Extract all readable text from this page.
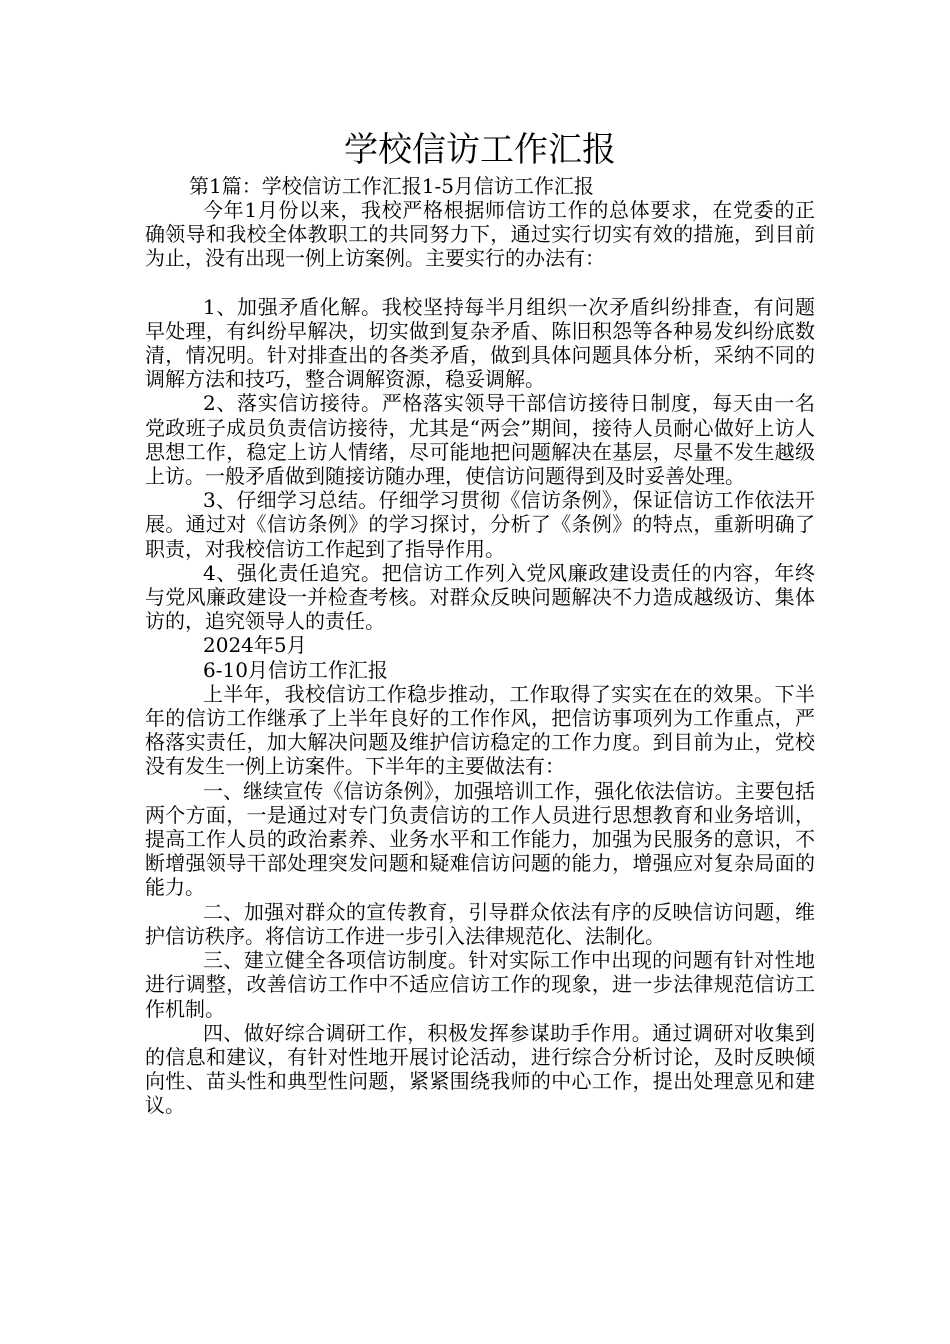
学校信访工作汇报

第1篇：学校信访工作汇报1-5月信访工作汇报

今年1月份以来，我校严格根据师信访工作的总体要求，在党委的正确领导和我校全体教职工的共同努力下，通过实行切实有效的措施，到目前为止，没有出现一例上访案例。主要实行的办法有：

1、加强矛盾化解。我校坚持每半月组织一次矛盾纠纷排查，有问题早处理，有纠纷早解决，切实做到复杂矛盾、陈旧积怨等各种易发纠纷底数清，情况明。针对排查出的各类矛盾，做到具体问题具体分析，采纳不同的调解方法和技巧，整合调解资源，稳妥调解。

2、落实信访接待。严格落实领导干部信访接待日制度，每天由一名党政班子成员负责信访接待，尤其是“两会”期间，接待人员耐心做好上访人思想工作，稳定上访人情绪，尽可能地把问题解决在基层，尽量不发生越级上访。一般矛盾做到随接访随办理，使信访问题得到及时妥善处理。

3、仔细学习总结。仔细学习贯彻《信访条例》，保证信访工作依法开展。通过对《信访条例》的学习探讨，分析了《条例》的特点，重新明确了职责，对我校信访工作起到了指导作用。

4、强化责任追究。把信访工作列入党风廉政建设责任的内容，年终与党风廉政建设一并检查考核。对群众反映问题解决不力造成越级访、集体访的，追究领导人的责任。

2024年5月

6-10月信访工作汇报

上半年，我校信访工作稳步推动，工作取得了实实在在的效果。下半年的信访工作继承了上半年良好的工作作风，把信访事项列为工作重点，严格落实责任，加大解决问题及维护信访稳定的工作力度。到目前为止，党校没有发生一例上访案件。下半年的主要做法有：

一、继续宣传《信访条例》，加强培训工作，强化依法信访。主要包括两个方面，一是通过对专门负责信访的工作人员进行思想教育和业务培训，提高工作人员的政治素养、业务水平和工作能力，加强为民服务的意识，不断增强领导干部处理突发问题和疑难信访问题的能力，增强应对复杂局面的能力。

二、加强对群众的宣传教育，引导群众依法有序的反映信访问题，维护信访秩序。将信访工作进一步引入法律规范化、法制化。

三、建立健全各项信访制度。针对实际工作中出现的问题有针对性地进行调整，改善信访工作中不适应信访工作的现象，进一步法律规范信访工作机制。

四、做好综合调研工作，积极发挥参谋助手作用。通过调研对收集到的信息和建议，有针对性地开展讨论活动，进行综合分析讨论，及时反映倾向性、苗头性和典型性问题，紧紧围绕我师的中心工作，提出处理意见和建议。
